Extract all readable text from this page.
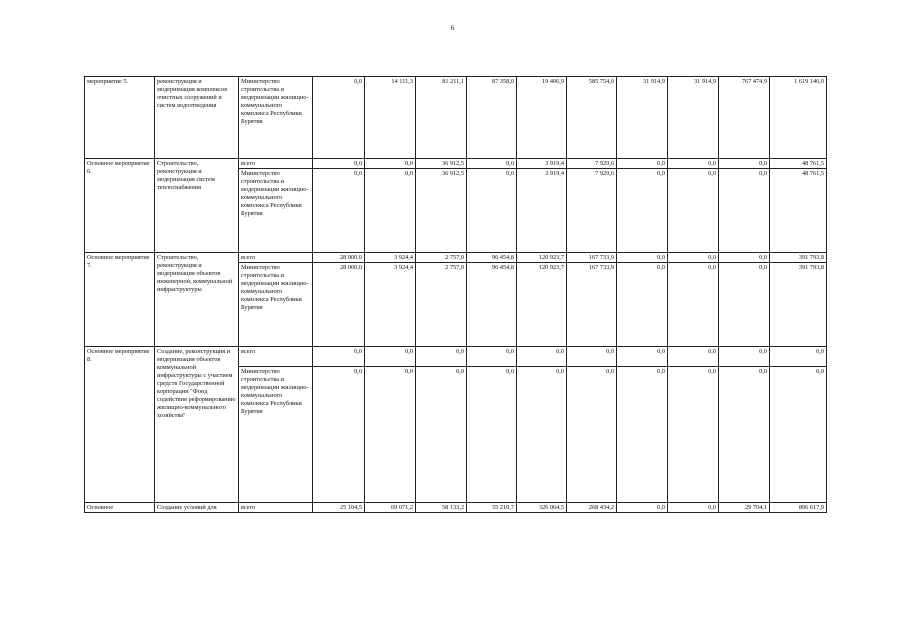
6
мероприятие 5.	реконструкция и модернизация комплексов очистных сооружений и систем водоотведения	Министерство строительства и модернизации жилищно-коммунального комплекса Республики Бурятия	0,0	14 111,3	81 211,1	87 358,0	19 406,9	585 754,0	31 914,9	31 914,9	767 474,9	1 619 146,0
Основное мероприятие 6.	Строительство, реконструкция и модернизация систем теплоснабжения	всего	0,0	0,0	36 912,5	0,0	3 919,4	7 929,6	0,0	0,0	0,0	48 761,5
		Министерство строительства и модернизации жилищно-коммунального комплекса Республики Бурятия	0,0	0,0	36 912,5	0,0	3 919,4	7 929,6	0,0	0,0	0,0	48 761,5
Основное мероприятие 7.	Строительство, реконструкция и модернизация объектов инженерной, коммунальной инфраструктуры	всего	28 000,0	3 924,4	2 757,0	96 454,8	120 923,7	167 733,9	0,0	0,0	0,0	391 793,8
		Министерство строительства и модернизации жилищно-коммунального комплекса Республики Бурятия	28 000,0	3 924,4	2 757,0	96 454,8	120 923,7	167 733,9	0,0	0,0	0,0	391 793,8
Основное мероприятие 8.	Создание, реконструкция и модернизация объектов коммунальной инфраструктуры с участием средств Государственной корпорации "Фонд содействия реформированию жилищно-коммунального хозяйства"	всего	0,0	0,0	0,0	0,0	0,0	0,0	0,0	0,0	0,0	0,0
		Министерство строительства и модернизации жилищно-коммунального комплекса Республики Бурятия	0,0	0,0	0,0	0,0	0,0	0,0	0,0	0,0	0,0	0,0
Основное	Создание условий для	всего	25 104,5	69 071,2	58 133,2	55 210,7	326 064,5	268 434,2	0,0	0,0	29 704,1	806 617,9
